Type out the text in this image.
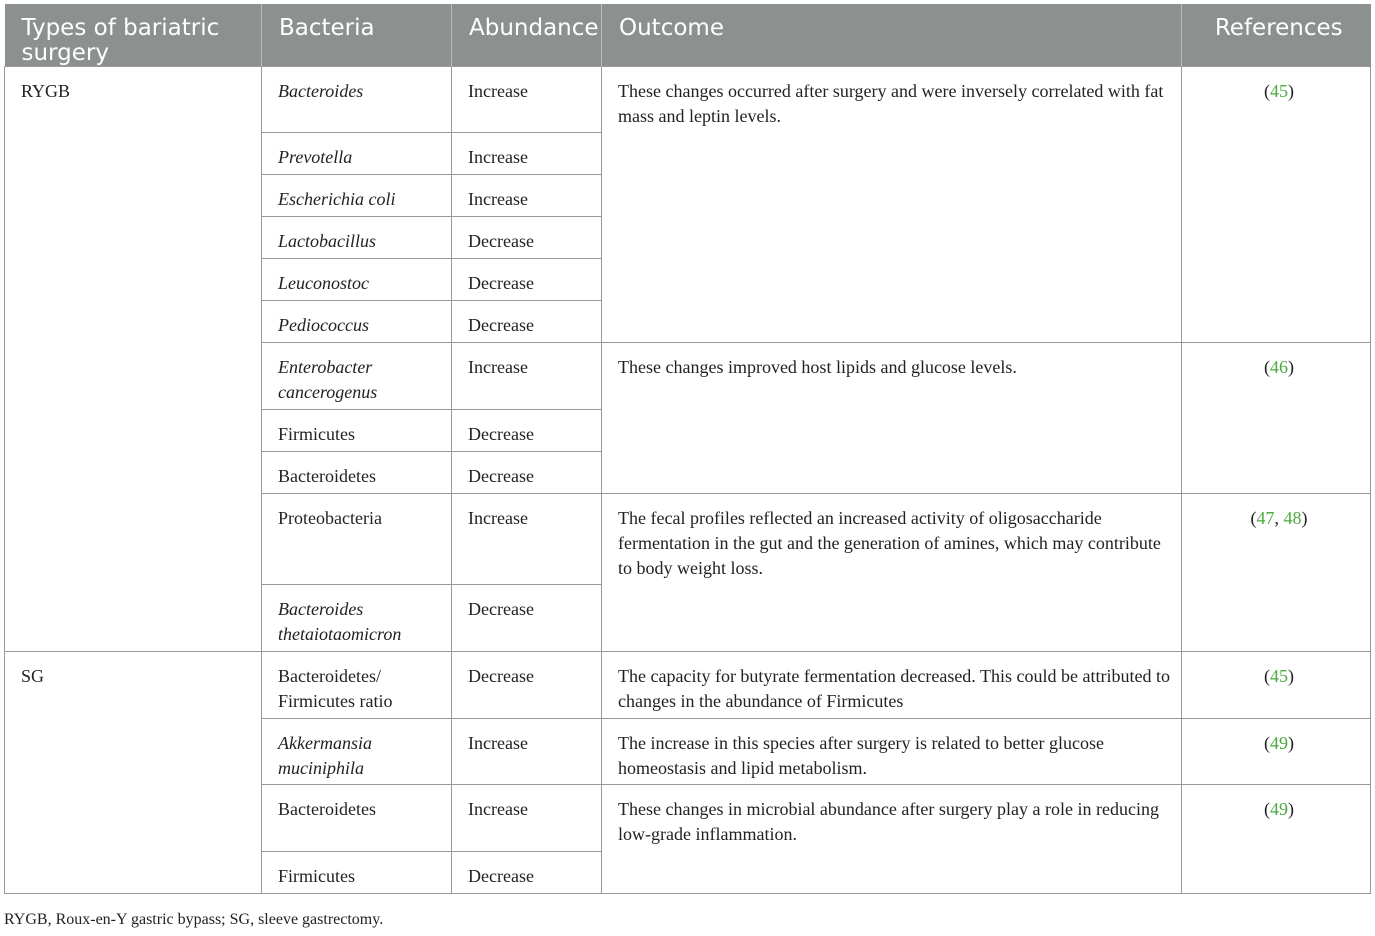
Types of bariatric surgery	Bacteria	Abundance	Outcome	References
RYGB	Bacteroides	Increase	These changes occurred after surgery and were inversely correlated with fat mass and leptin levels.	(45)
	Prevotella	Increase		
	Escherichia coli	Increase		
	Lactobacillus	Decrease		
	Leuconostoc	Decrease		
	Pediococcus	Decrease		
	Enterobacter cancerogenus	Increase	These changes improved host lipids and glucose levels.	(46)
	Firmicutes	Decrease		
	Bacteroidetes	Decrease		
	Proteobacteria	Increase	The fecal profiles reflected an increased activity of oligosaccharide fermentation in the gut and the generation of amines, which may contribute to body weight loss.	(47, 48)
	Bacteroides thetaiotaomicron	Decrease		
SG	Bacteroidetes/ Firmicutes ratio	Decrease	The capacity for butyrate fermentation decreased. This could be attributed to changes in the abundance of Firmicutes	(45)
	Akkermansia muciniphila	Increase	The increase in this species after surgery is related to better glucose homeostasis and lipid metabolism.	(49)
	Bacteroidetes	Increase	These changes in microbial abundance after surgery play a role in reducing low-grade inflammation.	(49)
	Firmicutes	Decrease		
RYGB, Roux-en-Y gastric bypass; SG, sleeve gastrectomy.
